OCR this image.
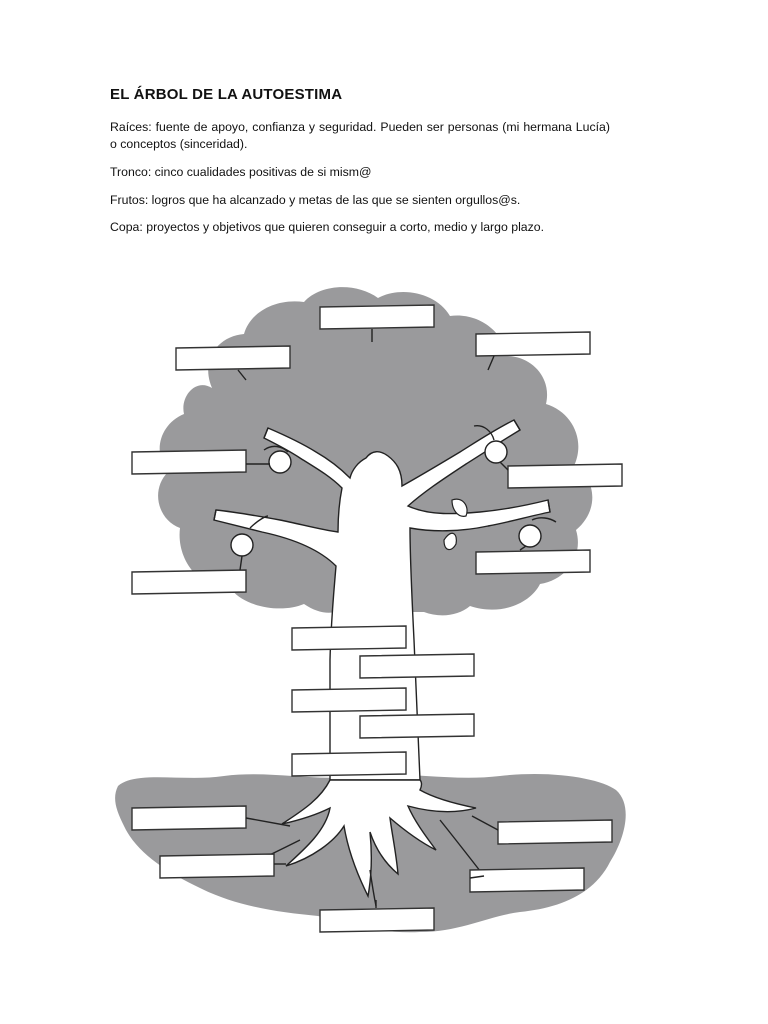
EL ÁRBOL DE LA AUTOESTIMA
Raíces: fuente de apoyo, confianza y seguridad. Pueden ser personas (mi hermana Lucía) o conceptos (sinceridad).
Tronco: cinco cualidades positivas de si mism@
Frutos: logros que ha alcanzado y metas de las que se sienten orgullos@s.
Copa: proyectos y objetivos que quieren conseguir a corto, medio y largo plazo.
